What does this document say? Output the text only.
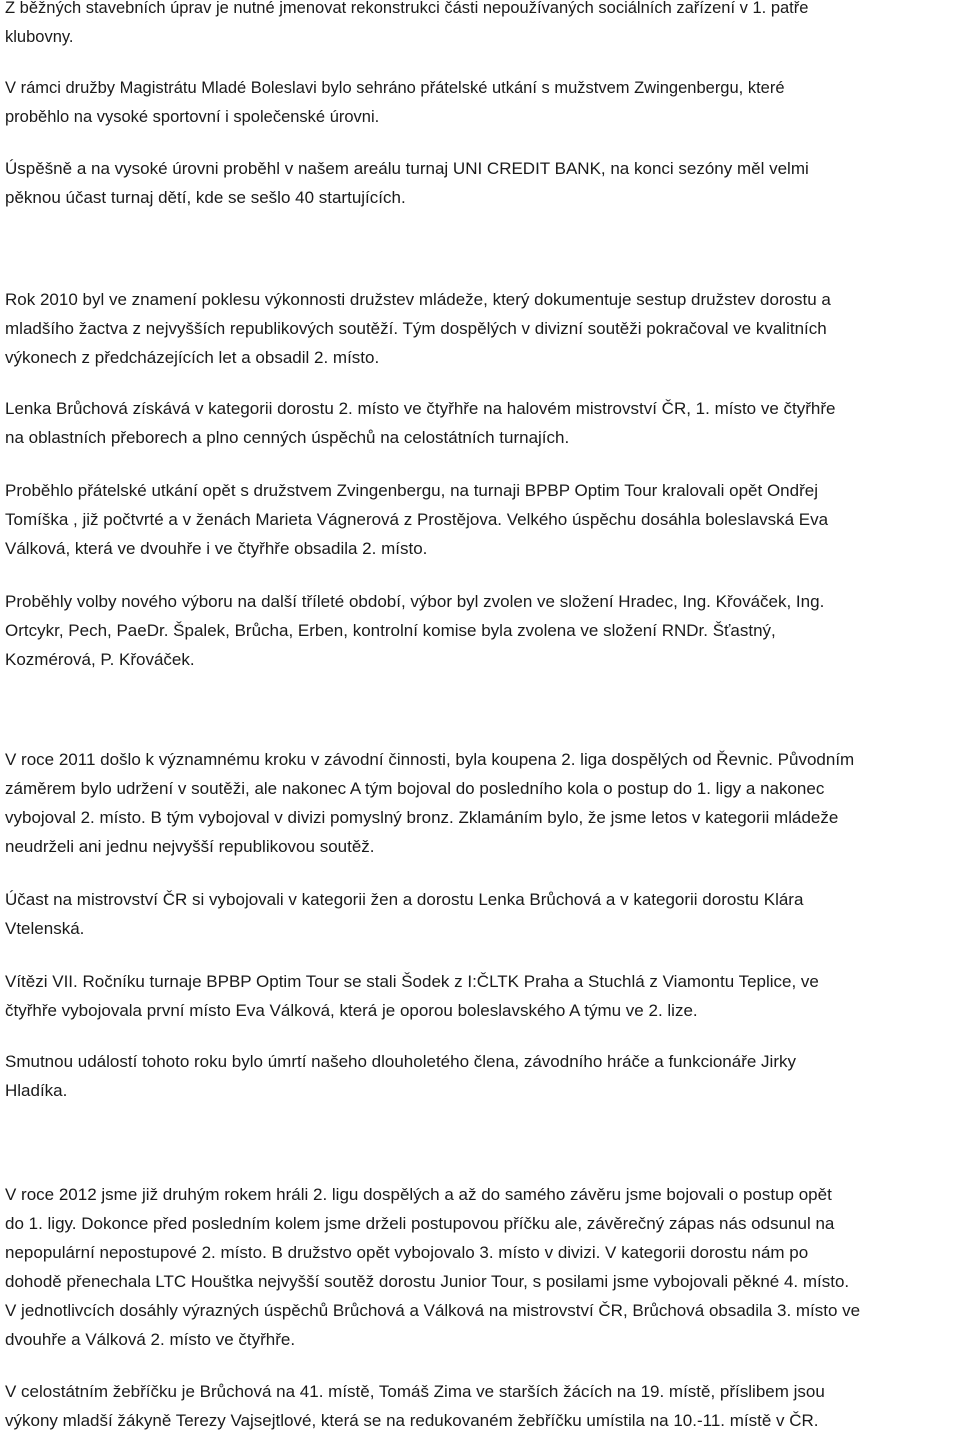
Z běžných stavebních úprav je nutné jmenovat rekonstrukci části nepoužívaných sociálních zařízení v 1. patře
klubovny.

V rámci družby Magistrátu Mladé Boleslavi bylo sehráno přátelské utkání s mužstvem Zwingenbergu, které
proběhlo na vysoké sportovní i společenské úrovni.

Úspěšně a na vysoké úrovni proběhl v našem areálu turnaj UNI CREDIT BANK, na konci sezóny měl velmi
pěknou účast turnaj dětí, kde se sešlo 40 startujících.

Rok 2010 byl ve znamení poklesu výkonnosti družstev mládeže, který dokumentuje sestup družstev dorostu a
mladšího žactva z nejvyšších republikových soutěží. Tým dospělých v divizní soutěži pokračoval ve kvalitních
výkonech z předcházejících let a obsadil 2. místo.

Lenka Brůchová získává v kategorii dorostu 2. místo ve čtyřhře na halovém mistrovství ČR, 1. místo ve čtyřhře
na oblastních přeborech a plno cenných úspěchů na celostátních turnajích.

Proběhlo přátelské utkání opět s družstvem Zvingenbergu, na turnaji BPBP Optim Tour kralovali opět Ondřej
Tomíška , již počtvrté a v ženách Marieta Vágnerová z Prostějova. Velkého úspěchu dosáhla boleslavská Eva
Válková, která ve dvouhře i ve čtyřhře obsadila 2. místo.

Proběhly volby nového výboru na další tříleté období, výbor byl zvolen ve složení Hradec, Ing. Křováček, Ing.
Ortcykr, Pech, PaeDr. Špalek, Brůcha, Erben, kontrolní komise byla zvolena ve složení RNDr. Šťastný,
Kozmérová, P. Křováček.

V roce 2011 došlo k významnému kroku v závodní činnosti, byla koupena 2. liga dospělých od Řevnic. Původním
záměrem bylo udržení v soutěži, ale nakonec A tým bojoval do posledního kola o postup do 1. ligy a nakonec
vybojoval 2. místo. B tým vybojoval v divizi pomyslný bronz. Zklamáním bylo, že jsme letos v kategorii mládeže
neudrželi ani jednu nejvyšší republikovou soutěž.

Účast na mistrovství ČR si vybojovali v kategorii žen a dorostu Lenka Brůchová a v kategorii dorostu Klára
Vtelenská.

Vítězi VII. Ročníku turnaje BPBP Optim Tour se stali Šodek z I:ČLTK Praha a Stuchlá z Viamontu Teplice, ve
čtyřhře vybojovala první místo Eva Válková, která je oporou boleslavského A týmu ve 2. lize.

Smutnou událostí tohoto roku bylo úmrtí našeho dlouholetého člena, závodního hráče a funkcionáře Jirky
Hladíka.

V roce 2012 jsme již druhým rokem hráli 2. ligu dospělých a až do samého závěru jsme bojovali o postup opět
do 1. ligy. Dokonce před posledním kolem jsme drželi postupovou příčku ale, závěrečný zápas nás odsunul na
nepopulární nepostupové 2. místo. B družstvo opět vybojovalo 3. místo v divizi. V kategorii dorostu nám po
dohodě přenechala LTC Houštka nejvyšší soutěž dorostu Junior Tour, s posilami jsme vybojovali pěkné 4. místo.
V jednotlivcích dosáhly výrazných úspěchů Brůchová a Válková na mistrovství ČR, Brůchová obsadila 3. místo ve
dvouhře a Válková 2. místo ve čtyřhře.

V celostátním žebříčku je Brůchová na 41. místě, Tomáš Zima ve starších žácích na 19. místě, příslibem jsou
výkony mladší žákyně Terezy Vajsejtlové, která se na redukovaném žebříčku umístila na 10.-11. místě v ČR.
